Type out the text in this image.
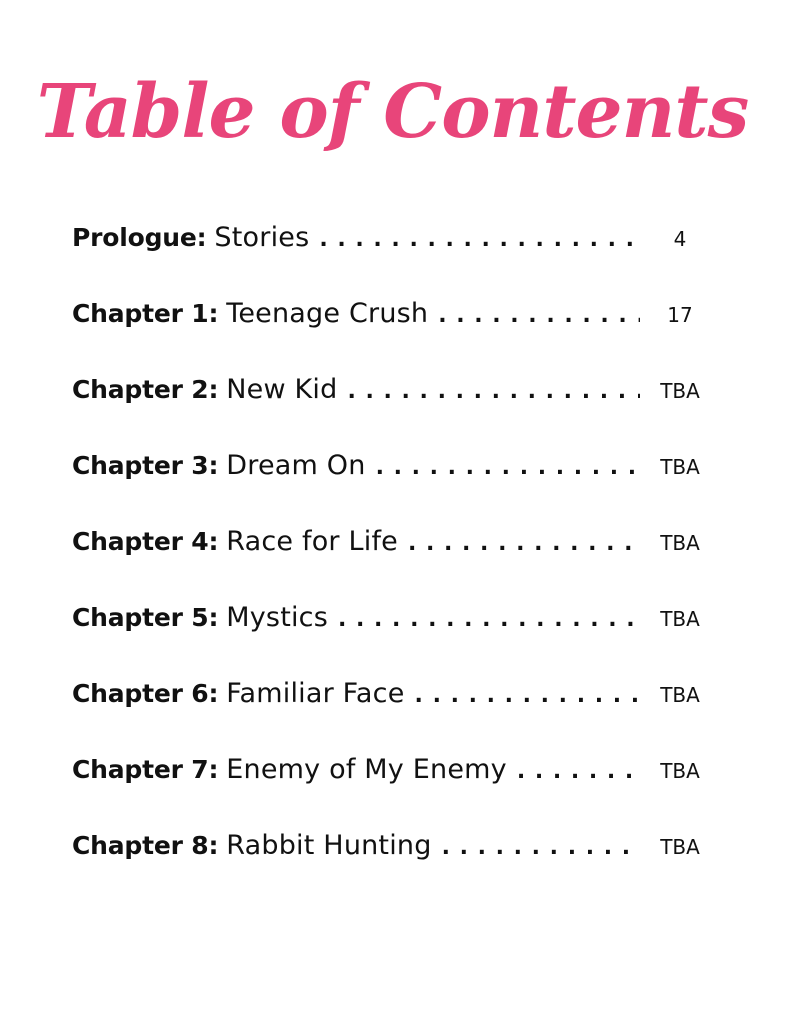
Table of Contents
Prologue: Stories . . .	4
Chapter 1: Teenage Crush . . .	17
Chapter 2: New Kid . . .	TBA
Chapter 3: Dream On . . .	TBA
Chapter 4: Race for Life . . .	TBA
Chapter 5: Mystics . . .	TBA
Chapter 6: Familiar Face . . .	TBA
Chapter 7: Enemy of My Enemy . . .	TBA
Chapter 8: Rabbit Hunting . . .	TBA
